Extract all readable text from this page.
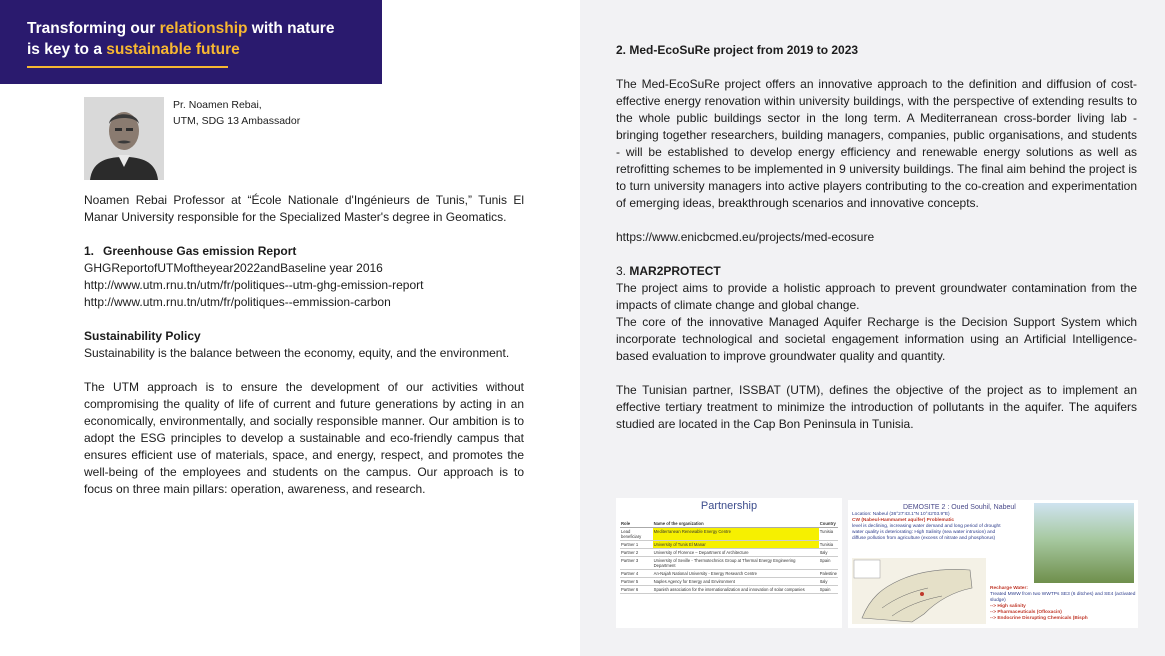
Transforming our relationship with nature
is key to a sustainable future
Pr. Noamen Rebai,
UTM, SDG 13 Ambassador

Noamen Rebai Professor at “École Nationale d'Ingénieurs de Tunis,” Tunis El Manar University responsible for the Specialized Master's degree in Geomatics.

1. Greenhouse Gas emission Report
GHGReportofUTMoftheyear2022andBaseline year 2016
http://www.utm.rnu.tn/utm/fr/politiques--utm-ghg-emission-report
http://www.utm.rnu.tn/utm/fr/politiques--emmission-carbon
Sustainability Policy

Sustainability is the balance between the economy, equity, and the environment.

The UTM approach is to ensure the development of our activities without compromising the quality of life of current and future generations by acting in an economically, environmentally, and socially responsible manner. Our ambition is to adopt the ESG principles to develop a sustainable and eco-friendly campus that ensures efficient use of materials, space, and energy, respect, and promotes the well-being of the employees and students on the campus. Our approach is to focus on three main pillars: operation, awareness, and research.

2. Med-EcoSuRe project from 2019 to 2023

The Med-EcoSuRe project offers an innovative approach to the definition and diffusion of cost-effective energy renovation within university buildings, with the perspective of extending results to the whole public buildings sector in the long term. A Mediterranean cross-border living lab - bringing together researchers, building managers, companies, public organisations, and students - will be established to develop energy efficiency and renewable energy solutions as well as retrofitting schemes to be implemented in 9 university buildings. The final aim behind the project is to turn university managers into active players contributing to the co-creation and experimentation of emerging ideas, breakthrough scenarios and innovative concepts.

https://www.enicbcmed.eu/projects/med-ecosure
3. MAR2PROTECT

The project aims to provide a holistic approach to prevent groundwater contamination from the impacts of climate change and global change.

The core of the innovative Managed Aquifer Recharge is the Decision Support System which incorporate technological and societal engagement information using an Artificial Intelligence-based evaluation to improve groundwater quality and quantity.

The Tunisian partner, ISSBAT (UTM), defines the objective of the project as to implement an effective tertiary treatment to minimize the introduction of pollutants in the aquifer. The aquifers studied are located in the Cap Bon Peninsula in Tunisia.

Partnership
Role	Name of the organization	Country
Lead beneficiary	Mediterranean Renewable Energy Centre	Tunisia
Partner 1	University of Tunis El Manar	Tunisia
Partner 2	University of Florence – Department of Architecture	Italy
Partner 3	University of Seville - Thermotechnics Group at Thermal Energy Engineering Department	Spain
Partner 4	An-Najah National University - Energy Research Centre	Palestine
Partner 5	Naples Agency for Energy and Environment	Italy
Partner 6	Spanish association for the internationalization and innovation of solar companies	Spain
DEMOSITE 2 : Oued Souhil, Nabeul
Location: Nabeul (36°27'43.1"N 10°42'03.9"E)
CW (Nabeul-Hammamet aquifer) Problematic
level is declining, increasing water demand and long period of drought
water quality is deteriorating: High Salinity (sea water intrusion) and diffuse pollution from agriculture (excess of nitrate and phosphorus)
Recharge Water:
Treated MWW from two WWTPs SE3 (6 ditches) and SE4 (activated sludge)
--> High salinity
--> Pharmaceuticals (Ofloxacin)
--> Endocrine Disrupting Chemicals (Bisph
